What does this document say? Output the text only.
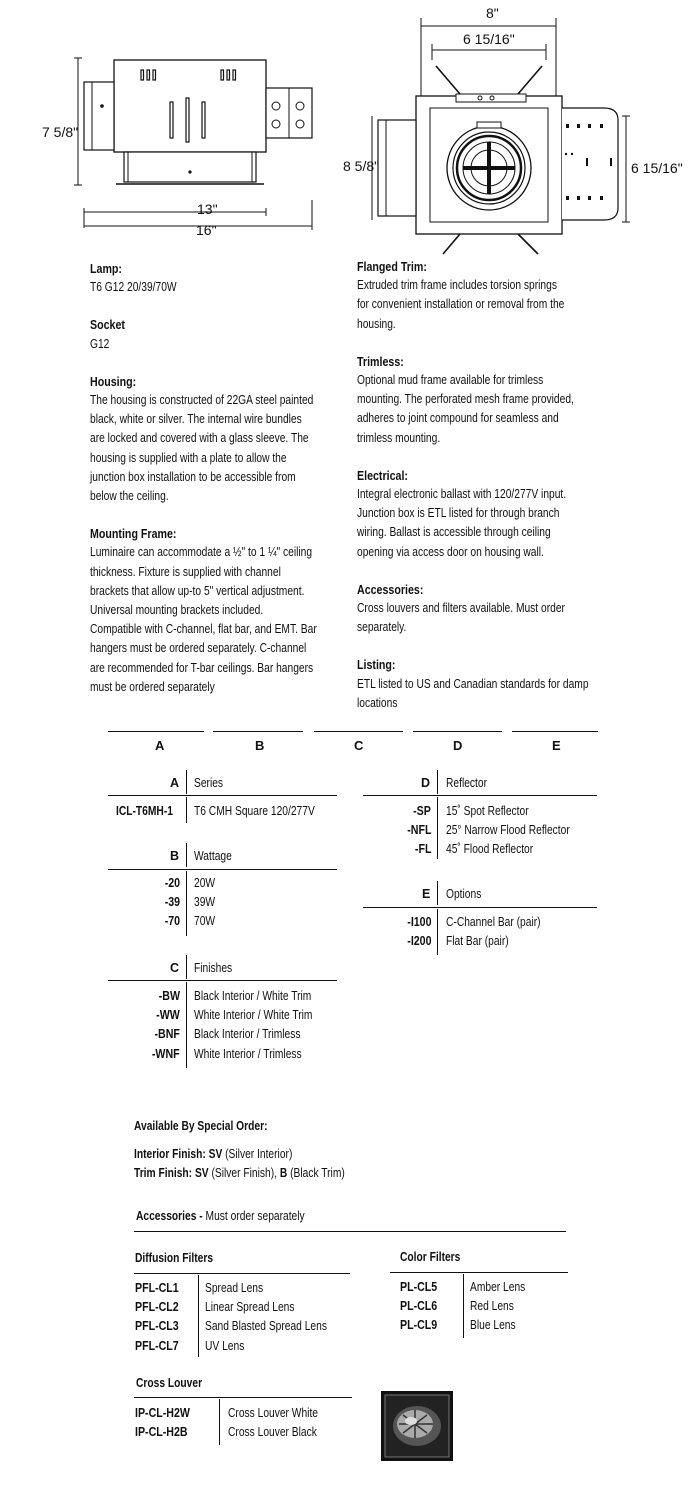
7 5/8"
13"
16"
8"
6 15/16"
8 5/8"	6 15/16"
Lamp:
T6 G12 20/39/70W
Socket
G12
Housing:
The housing is constructed of 22GA steel painted
black, white or silver. The internal wire bundles
are locked and covered with a glass sleeve. The
housing is supplied with a plate to allow the
junction box installation to be accessible from
below the ceiling.
Mounting Frame:
Luminaire can accommodate a ½" to 1 ¼" ceiling
thickness. Fixture is supplied with channel
brackets that allow up-to 5" vertical adjustment.
Universal mounting brackets included.
Compatible with C-channel, flat bar, and EMT. Bar
hangers must be ordered separately. C-channel
are recommended for T-bar ceilings. Bar hangers
must be ordered separately
Flanged Trim:
Extruded trim frame includes torsion springs
for convenient installation or removal from the
housing.
Trimless:
Optional mud frame available for trimless
mounting. The perforated mesh frame provided,
adheres to joint compound for seamless and
trimless mounting.
Electrical:
Integral electronic ballast with 120/277V input.
Junction box is ETL listed for through branch
wiring. Ballast is accessible through ceiling
opening via access door on housing wall.
Accessories:
Cross louvers and filters available. Must order
separately.
Listing:
ETL listed to US and Canadian standards for damp
locations
A	B	C	D	E
A Series
ICL-T6MH-1 T6 CMH Square 120/277V
B Wattage
-20 20W
-39 39W
-70 70W
C Finishes
-BW Black Interior / White Trim
-WW White Interior / White Trim
-BNF Black Interior / Trimless
-WNF White Interior / Trimless
D Reflector
-SP 15˚ Spot Reflector
-NFL 25° Narrow Flood Reflector
-FL 45˚ Flood Reflector
E Options
-I100 C-Channel Bar (pair)
-I200 Flat Bar (pair)
Available By Special Order:
Interior Finish: SV (Silver Interior)
Trim Finish: SV (Silver Finish), B (Black Trim)
Accessories - Must order separately
Diffusion Filters
PFL-CL1 Spread Lens
PFL-CL2 Linear Spread Lens
PFL-CL3 Sand Blasted Spread Lens
PFL-CL7 UV Lens
Color Filters
PL-CL5	Amber Lens
PL-CL6	Red Lens
PL-CL9	Blue Lens
Cross Louver
IP-CL-H2W	Cross Louver White
IP-CL-H2B	Cross Louver Black
